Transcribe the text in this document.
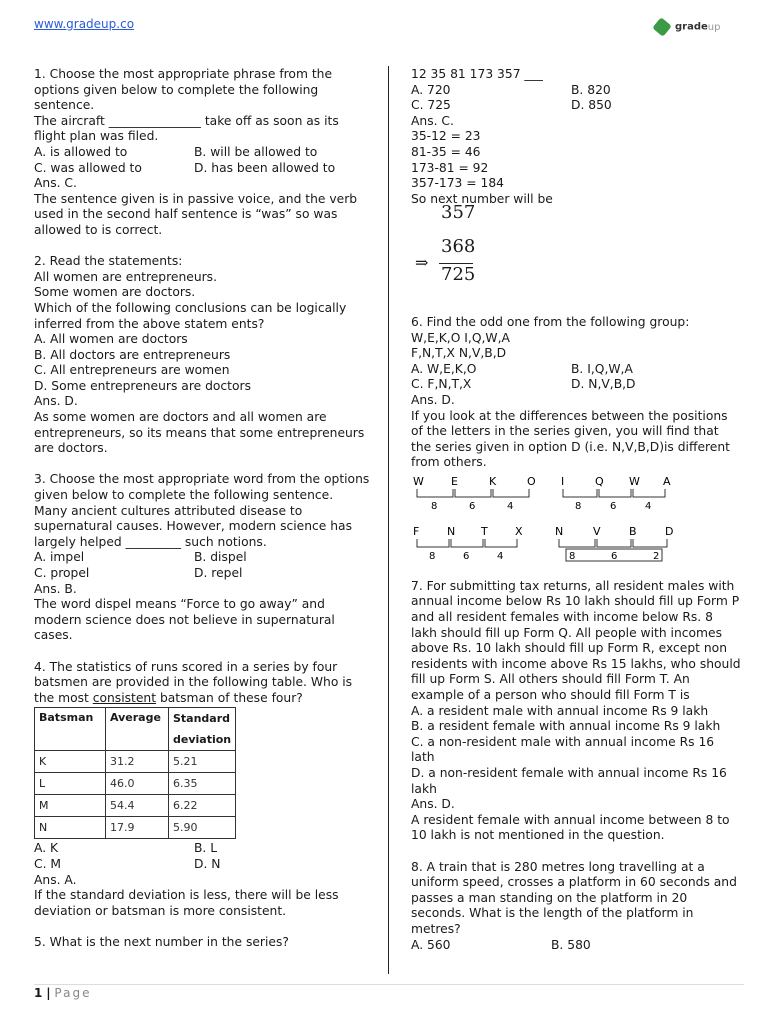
www.gradeup.co	gradeup
1. Choose the most appropriate phrase from the options given below to complete the following sentence.
The aircraft _______________ take off as soon as its flight plan was filed.
A. is allowed to	B. will be allowed to
C. was allowed to	D. has been allowed to
Ans. C.
The sentence given is in passive voice, and the verb used in the second half sentence is “was” so was allowed to is correct.
2. Read the statements:
All women are entrepreneurs.
Some women are doctors.
Which of the following conclusions can be logically inferred from the above statem ents?
A. All women are doctors
B. All doctors are entrepreneurs
C. All entrepreneurs are women
D. Some entrepreneurs are doctors
Ans. D.
As some women are doctors and all women are entrepreneurs, so its means that some entrepreneurs are doctors.
3. Choose the most appropriate word from the options given below to complete the following sentence.
Many ancient cultures attributed disease to supernatural causes. However, modern science has largely helped _________ such notions.
A. impel	B. dispel
C. propel	D. repel
Ans. B.
The word dispel means “Force to go away” and modern science does not believe in supernatural cases.
4. The statistics of runs scored in a series by four batsmen are provided in the following table. Who is the most consistent batsman of these four?
Batsman	Average	Standard
		deviation
K	31.2	5.21
L	46.0	6.35
M	54.4	6.22
N	17.9	5.90
A. K	B. L
C. M	D. N
Ans. A.
If the standard deviation is less, there will be less deviation or batsman is more consistent.
5. What is the next number in the series?
12 35 81 173 357 ___
A. 720	B. 820
C. 725	D. 850
Ans. C.
35-12 = 23
81-35 = 46
173-81 = 92
357-173 = 184
So next number will be
357
⇒
368
725
6. Find the odd one from the following group:
W,E,K,O I,Q,W,A
F,N,T,X N,V,B,D
A. W,E,K,O	B. I,Q,W,A
C. F,N,T,X	D. N,V,B,D
Ans. D.
If you look at the differences between the positions of the letters in the series given, you will find that the series given in option D (i.e. N,V,B,D)is different from others.
W E	K	O
8	6	4
I	Q W A
8	6	4
F	N T X
8	6	4
N	V	B	D
8	6	2
7. For submitting tax returns, all resident males with annual income below Rs 10 lakh should fill up Form P and all resident females with income below Rs. 8 lakh should fill up Form Q. All people with incomes above Rs. 10 lakh should fill up Form R, except non residents with income above Rs 15 lakhs, who should fill up Form S. All others should fill Form T. An example of a person who should fill Form T is
A. a resident male with annual income Rs 9 lakh
B. a resident female with annual income Rs 9 lakh
C. a non-resident male with annual income Rs 16 lath
D. a non-resident female with annual income Rs 16 lakh
Ans. D.
A resident female with annual income between 8 to 10 lakh is not mentioned in the question.
8. A train that is 280 metres long travelling at a uniform speed, crosses a platform in 60 seconds and passes a man standing on the platform in 20 seconds. What is the length of the platform in metres?
A. 560	B. 580
1 | Page
